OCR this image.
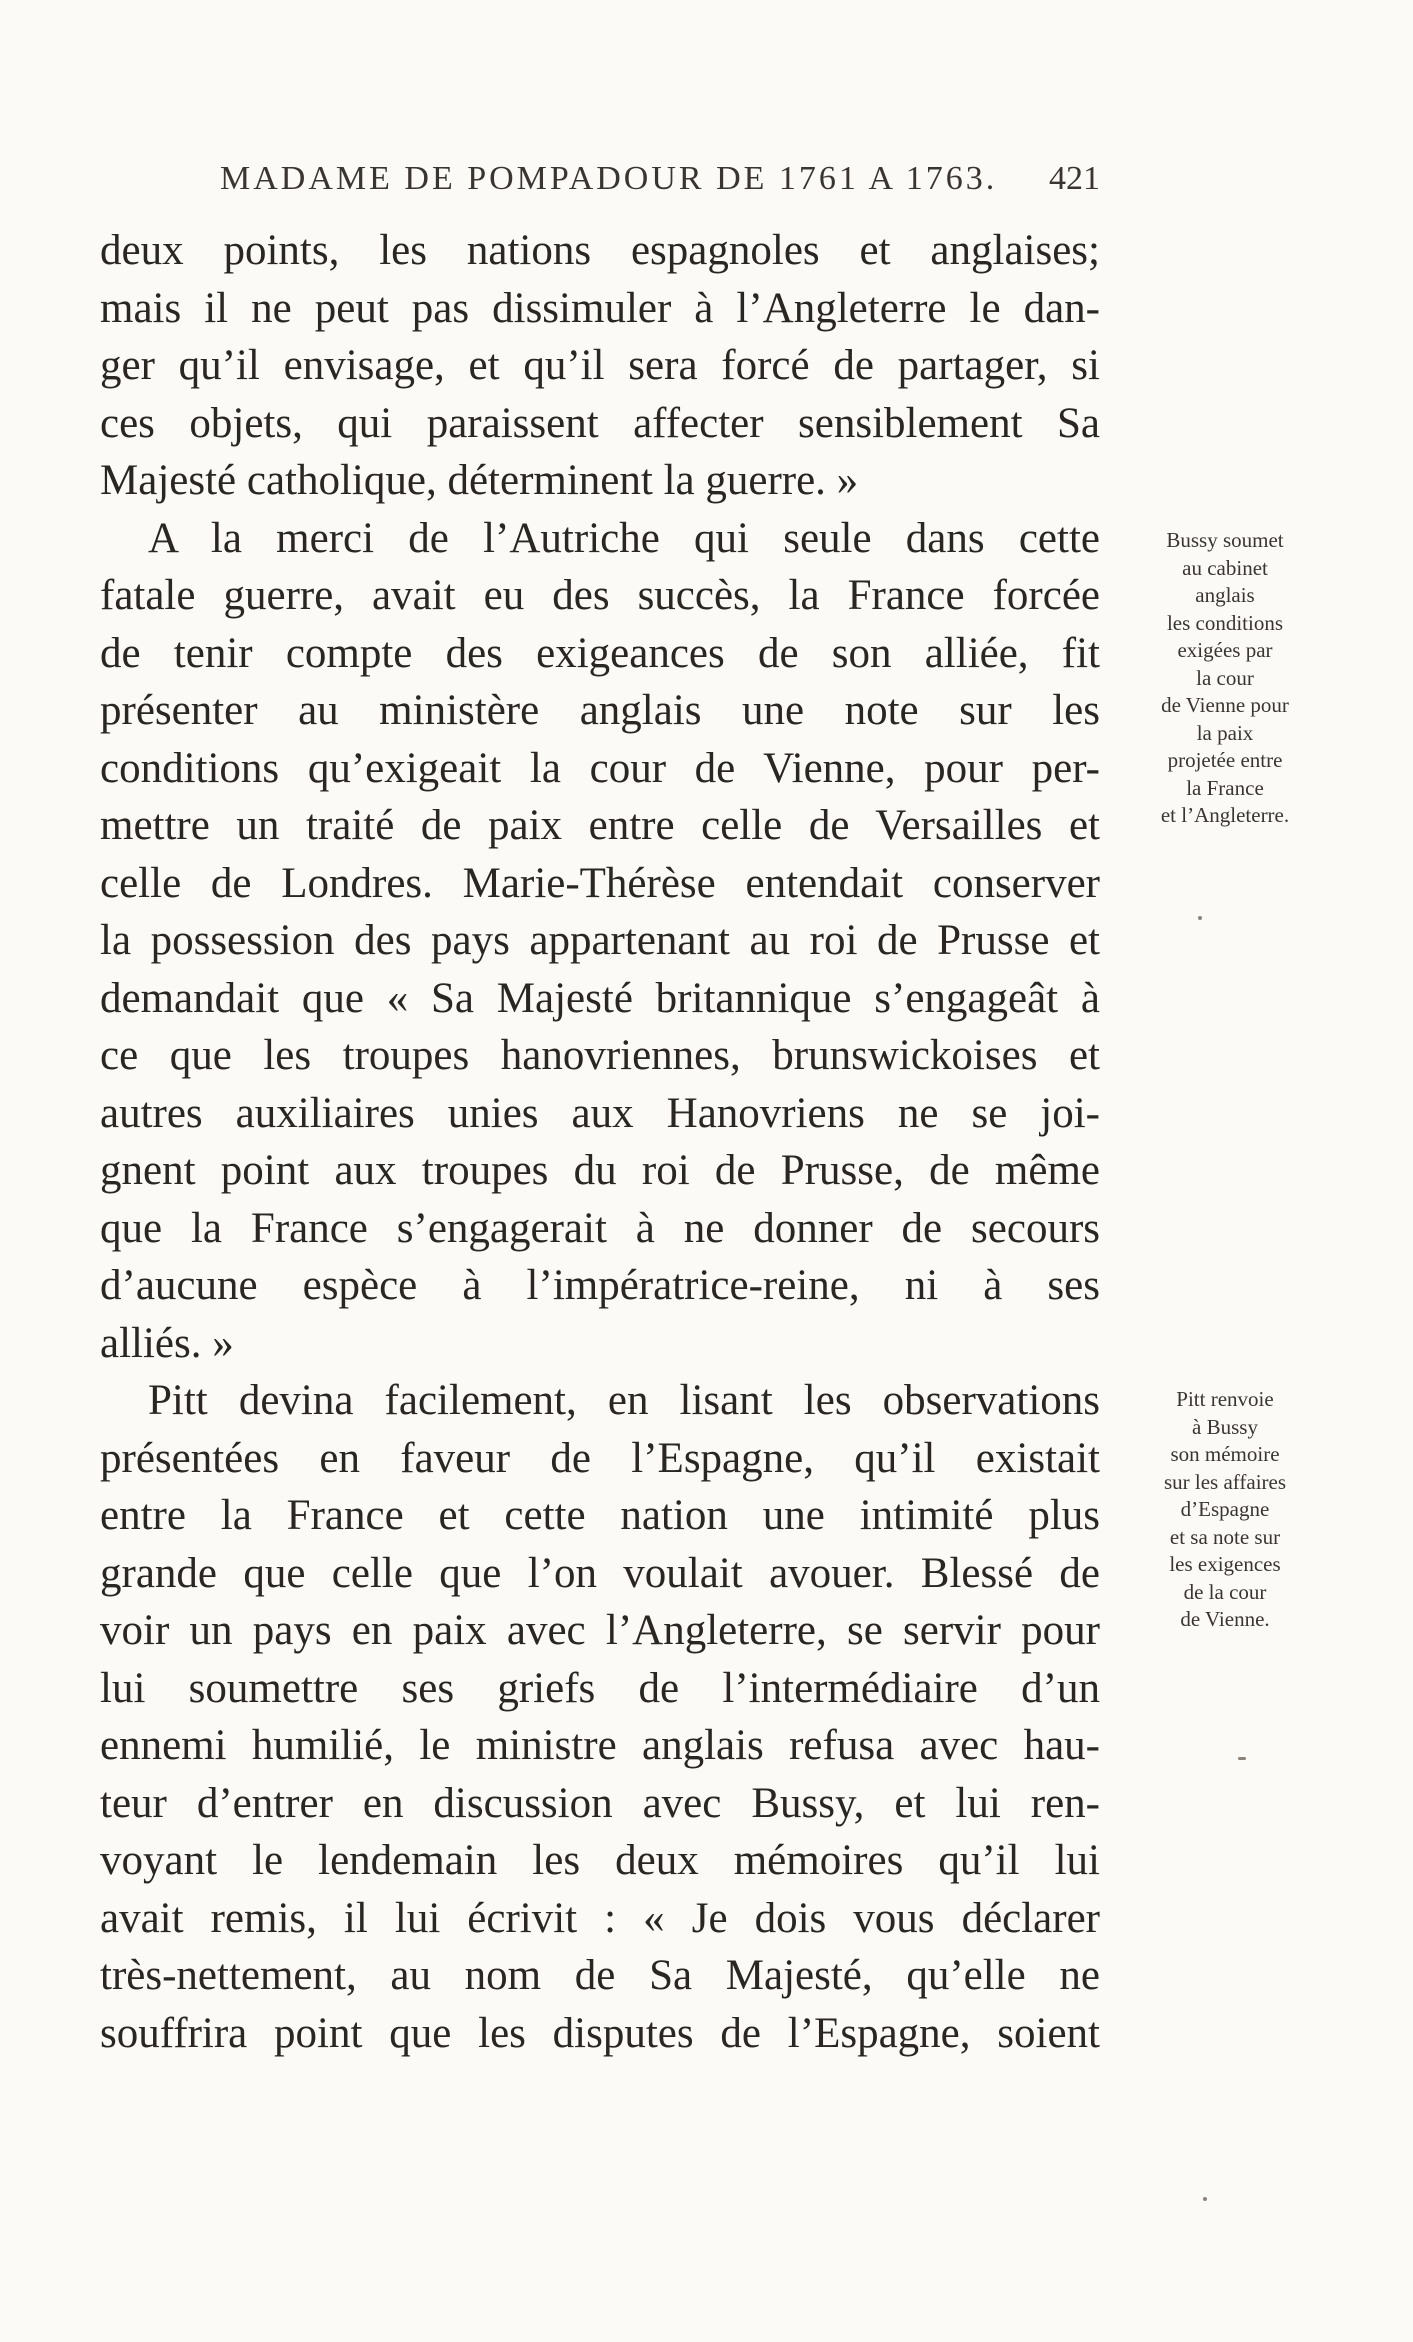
MADAME DE POMPADOUR DE 1761 A 1763. 421
deux points, les nations espagnoles et anglaises;
mais il ne peut pas dissimuler à l’Angleterre le dan-
ger qu’il envisage, et qu’il sera forcé de partager, si
ces objets, qui paraissent affecter sensiblement Sa
Majesté catholique, déterminent la guerre. »
A la merci de l’Autriche qui seule dans cette
fatale guerre, avait eu des succès, la France forcée
de tenir compte des exigeances de son alliée, fit
présenter au ministère anglais une note sur les
conditions qu’exigeait la cour de Vienne, pour per-
mettre un traité de paix entre celle de Versailles et
celle de Londres. Marie-Thérèse entendait conserver
la possession des pays appartenant au roi de Prusse et
demandait que « Sa Majesté britannique s’engageât à
ce que les troupes hanovriennes, brunswickoises et
autres auxiliaires unies aux Hanovriens ne se joi-
gnent point aux troupes du roi de Prusse, de même
que la France s’engagerait à ne donner de secours
d’aucune espèce à l’impératrice-reine, ni à ses
alliés. »
Pitt devina facilement, en lisant les observations
présentées en faveur de l’Espagne, qu’il existait
entre la France et cette nation une intimité plus
grande que celle que l’on voulait avouer. Blessé de
voir un pays en paix avec l’Angleterre, se servir pour
lui soumettre ses griefs de l’intermédiaire d’un
ennemi humilié, le ministre anglais refusa avec hau-
teur d’entrer en discussion avec Bussy, et lui ren-
voyant le lendemain les deux mémoires qu’il lui
avait remis, il lui écrivit : « Je dois vous déclarer
très-nettement, au nom de Sa Majesté, qu’elle ne
souffrira point que les disputes de l’Espagne, soient
Bussy soumet
au cabinet
anglais
les conditions
exigées par
la cour
de Vienne pour
la paix
projetée entre
la France
et l’Angleterre.
Pitt renvoie
à Bussy
son mémoire
sur les affaires
d’Espagne
et sa note sur
les exigences
de la cour
de Vienne.
